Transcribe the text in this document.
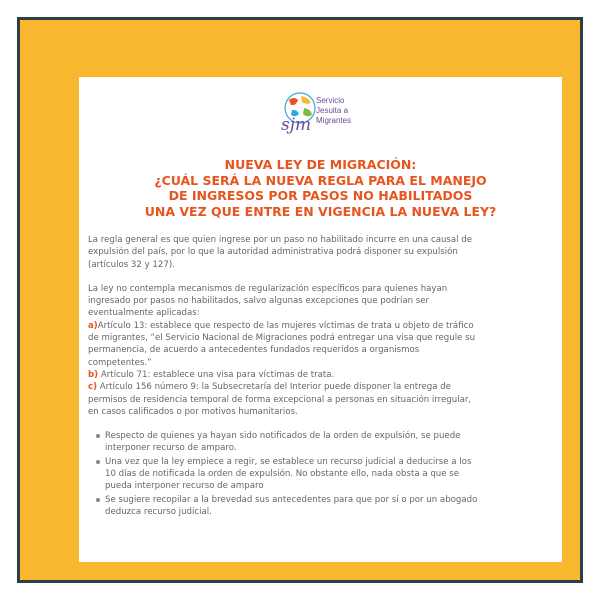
sjm
Servicio
Jesuita a
Migrantes
NUEVA LEY DE MIGRACIÓN:
¿CUÁL SERÁ LA NUEVA REGLA PARA EL MANEJO
DE INGRESOS POR PASOS NO HABILITADOS
UNA VEZ QUE ENTRE EN VIGENCIA LA NUEVA LEY?
La regla general es que quien ingrese por un paso no habilitado incurre en una causal de
expulsión del país, por lo que la autoridad administrativa podrá disponer su expulsión
(artículos 32 y 127).
La ley no contempla mecanismos de regularización específicos para quienes hayan
ingresado por pasos no habilitados, salvo algunas excepciones que podrían ser
eventualmente aplicadas:
a)Artículo 13: establece que respecto de las mujeres víctimas de trata u objeto de tráfico
de migrantes, “el Servicio Nacional de Migraciones podrá entregar una visa que regule su
permanencia, de acuerdo a antecedentes fundados requeridos a organismos
competentes.”
b) Artículo 71: establece una visa para víctimas de trata.
c) Artículo 156 número 9: la Subsecretaría del Interior puede disponer la entrega de
permisos de residencia temporal de forma excepcional a personas en situación irregular,
en casos calificados o por motivos humanitarios.
Respecto de quienes ya hayan sido notificados de la orden de expulsión, se puede
interponer recurso de amparo.
Una vez que la ley empiece a regir, se establece un recurso judicial a deducirse a los
10 días de notificada la orden de expulsión. No obstante ello, nada obsta a que se
pueda interponer recurso de amparo
Se sugiere recopilar a la brevedad sus antecedentes para que por sí o por un abogado
deduzca recurso judicial.
